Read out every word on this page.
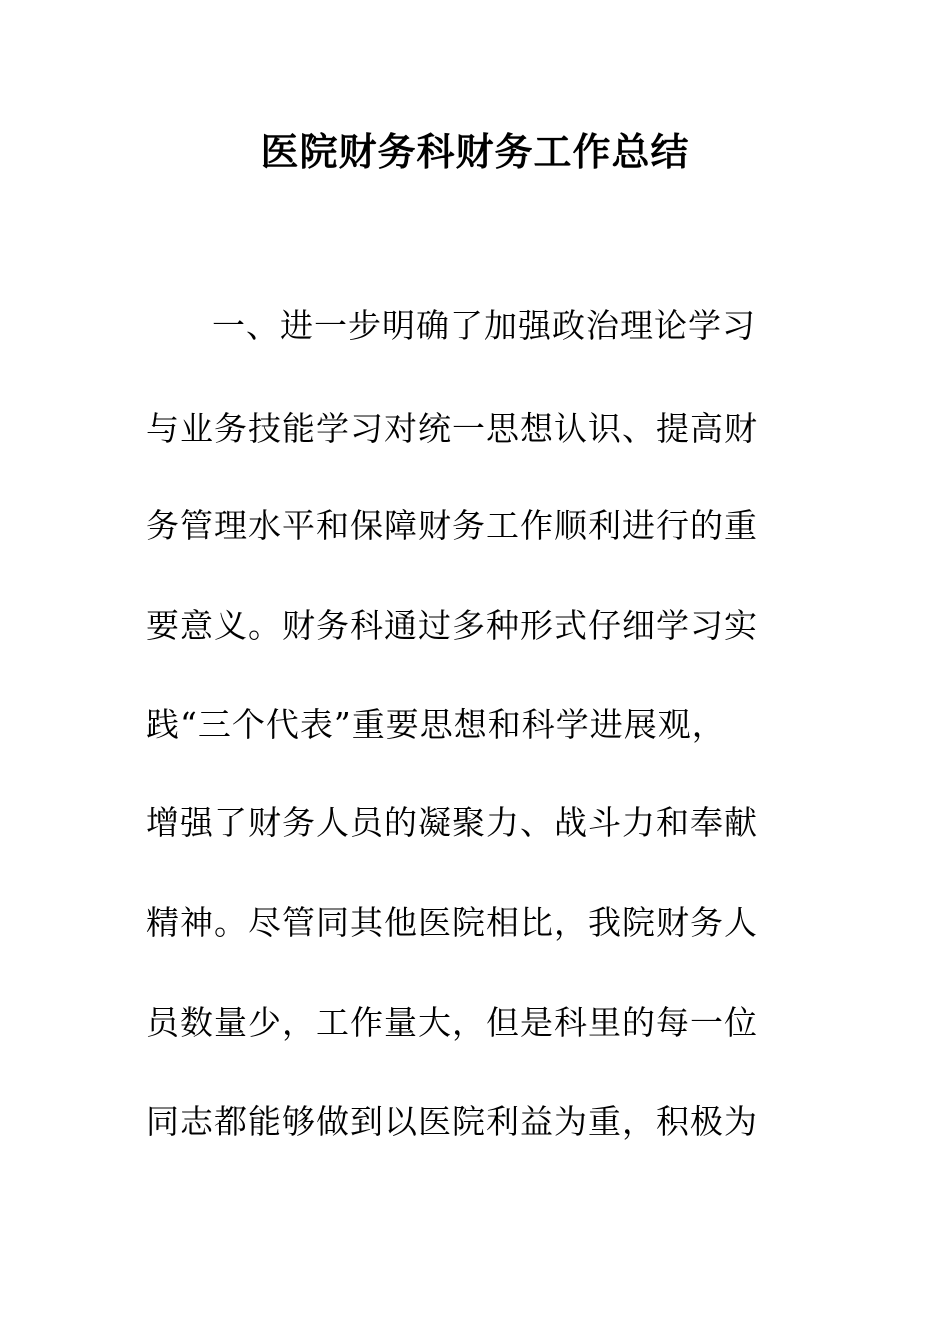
医院财务科财务工作总结
一、进一步明确了加强政治理论学习
与业务技能学习对统一思想认识、提高财
务管理水平和保障财务工作顺利进行的重
要意义。财务科通过多种形式仔细学习实
践“三个代表”重要思想和科学进展观，
增强了财务人员的凝聚力、战斗力和奉献
精神。尽管同其他医院相比，我院财务人
员数量少，工作量大，但是科里的每一位
同志都能够做到以医院利益为重，积极为
